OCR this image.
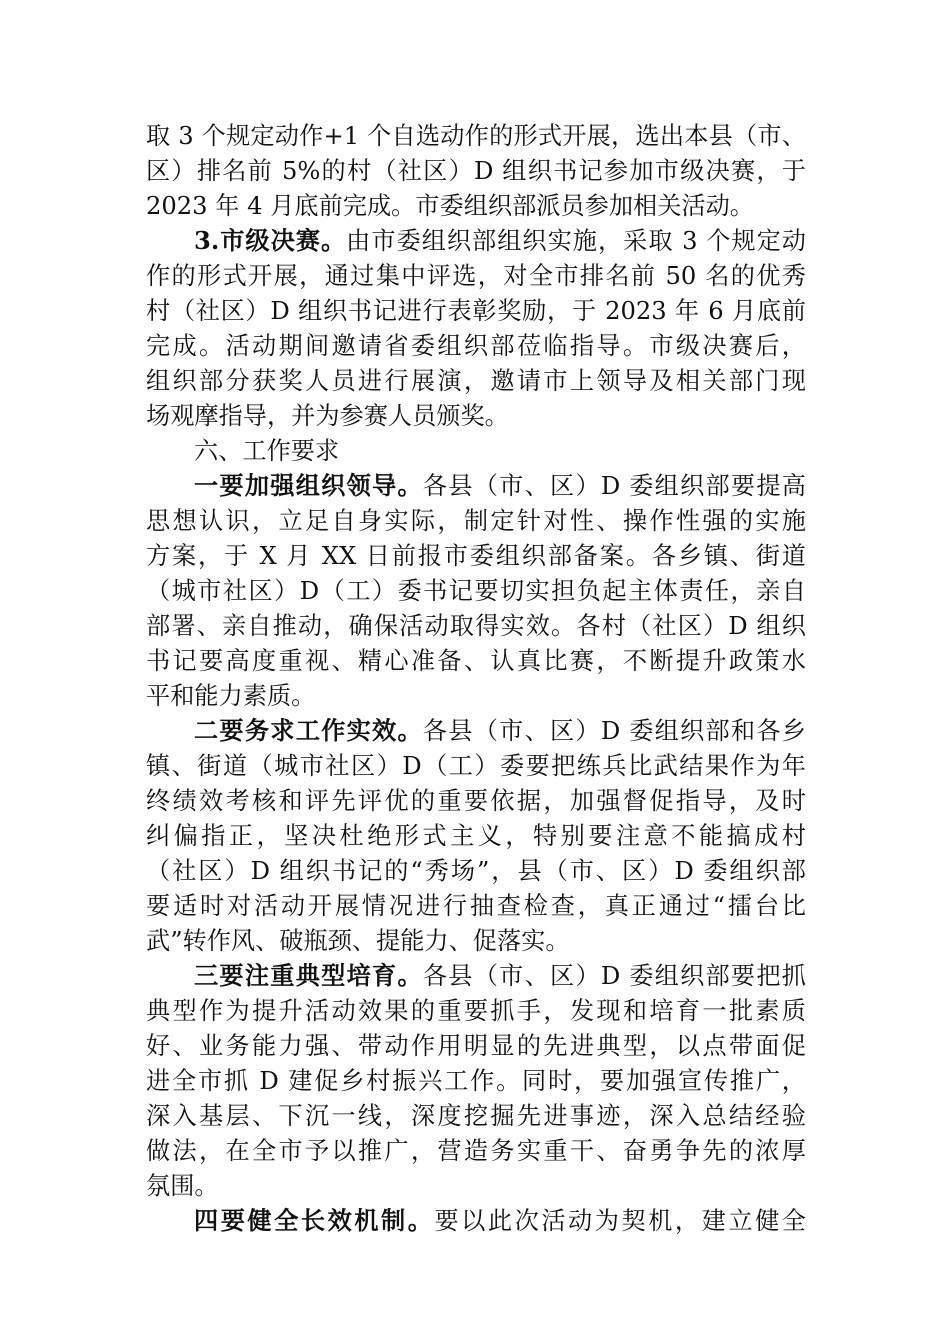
取 3 个规定动作+1 个自选动作的形式开展，选出本县（市、
区）排名前 5%的村（社区）D 组织书记参加市级决赛，于
2023 年 4 月底前完成。市委组织部派员参加相关活动。
3.市级决赛。由市委组织部组织实施，采取 3 个规定动
作的形式开展，通过集中评选，对全市排名前 50 名的优秀
村（社区）D 组织书记进行表彰奖励，于 2023 年 6 月底前
完成。活动期间邀请省委组织部莅临指导。市级决赛后，
组织部分获奖人员进行展演，邀请市上领导及相关部门现
场观摩指导，并为参赛人员颁奖。
六、工作要求
一要加强组织领导。各县（市、区）D 委组织部要提高
思想认识，立足自身实际，制定针对性、操作性强的实施
方案，于 X 月 XX 日前报市委组织部备案。各乡镇、街道
（城市社区）D（工）委书记要切实担负起主体责任，亲自
部署、亲自推动，确保活动取得实效。各村（社区）D 组织
书记要高度重视、精心准备、认真比赛，不断提升政策水
平和能力素质。
二要务求工作实效。各县（市、区）D 委组织部和各乡
镇、街道（城市社区）D（工）委要把练兵比武结果作为年
终绩效考核和评先评优的重要依据，加强督促指导，及时
纠偏指正，坚决杜绝形式主义，特别要注意不能搞成村
（社区）D 组织书记的“秀场”，县（市、区）D 委组织部
要适时对活动开展情况进行抽查检查，真正通过“擂台比
武”转作风、破瓶颈、提能力、促落实。
三要注重典型培育。各县（市、区）D 委组织部要把抓
典型作为提升活动效果的重要抓手，发现和培育一批素质
好、业务能力强、带动作用明显的先进典型，以点带面促
进全市抓 D 建促乡村振兴工作。同时，要加强宣传推广，
深入基层、下沉一线，深度挖掘先进事迹，深入总结经验
做法，在全市予以推广，营造务实重干、奋勇争先的浓厚
氛围。
四要健全长效机制。要以此次活动为契机，建立健全
